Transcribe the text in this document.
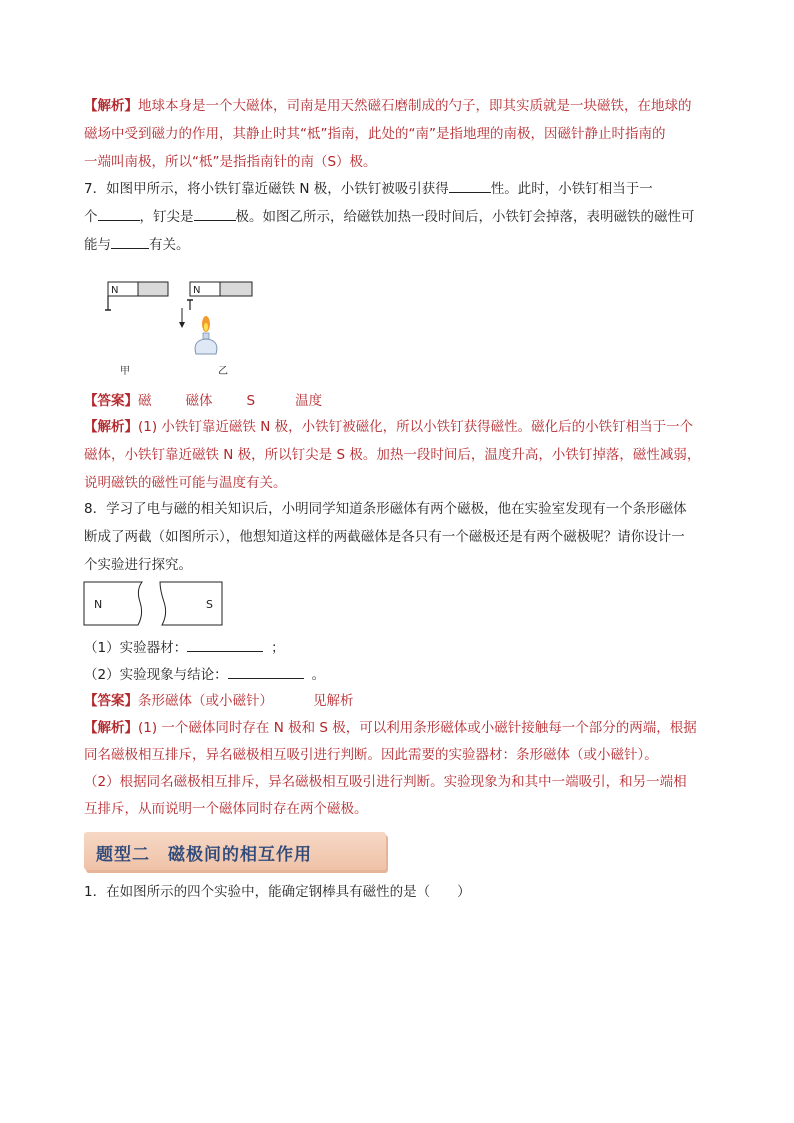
【解析】地球本身是一个大磁体，司南是用天然磁石磨制成的勺子，即其实质就是一块磁铁，在地球的
磁场中受到磁力的作用，其静止时其“柢”指南，此处的“南”是指地理的南极，因磁针静止时指南的
一端叫南极，所以“柢”是指指南针的南（S）极。
7．如图甲所示，将小铁钉靠近磁铁 N 极，小铁钉被吸引获得	性。此时，小铁钉相当于一
个	，钉尖是	极。如图乙所示，给磁铁加热一段时间后，小铁钉会掉落，表明磁铁的磁性可
能与	有关。
N	N
甲	乙
【答案】磁	磁体	S	温度
【解析】(1) 小铁钉靠近磁铁 N 极，小铁钉被磁化，所以小铁钉获得磁性。磁化后的小铁钉相当于一个
磁体，小铁钉靠近磁铁 N 极，所以钉尖是 S 极。加热一段时间后，温度升高，小铁钉掉落，磁性减弱，
说明磁铁的磁性可能与温度有关。
8．学习了电与磁的相关知识后，小明同学知道条形磁体有两个磁极，他在实验室发现有一个条形磁体
断成了两截（如图所示），他想知道这样的两截磁体是各只有一个磁极还是有两个磁极呢？请你设计一
个实验进行探究。
N	S
（1）实验器材：	；
（2）实验现象与结论：	。
【答案】条形磁体（或小磁针）	见解析
【解析】(1) 一个磁体同时存在 N 极和 S 极，可以利用条形磁体或小磁针接触每一个部分的两端，根据
同名磁极相互排斥，异名磁极相互吸引进行判断。因此需要的实验器材：条形磁体（或小磁针）。
（2）根据同名磁极相互排斥，异名磁极相互吸引进行判断。实验现象为和其中一端吸引，和另一端相
互排斥，从而说明一个磁体同时存在两个磁极。
题型二　磁极间的相互作用
1．在如图所示的四个实验中，能确定钢棒具有磁性的是（　　）
